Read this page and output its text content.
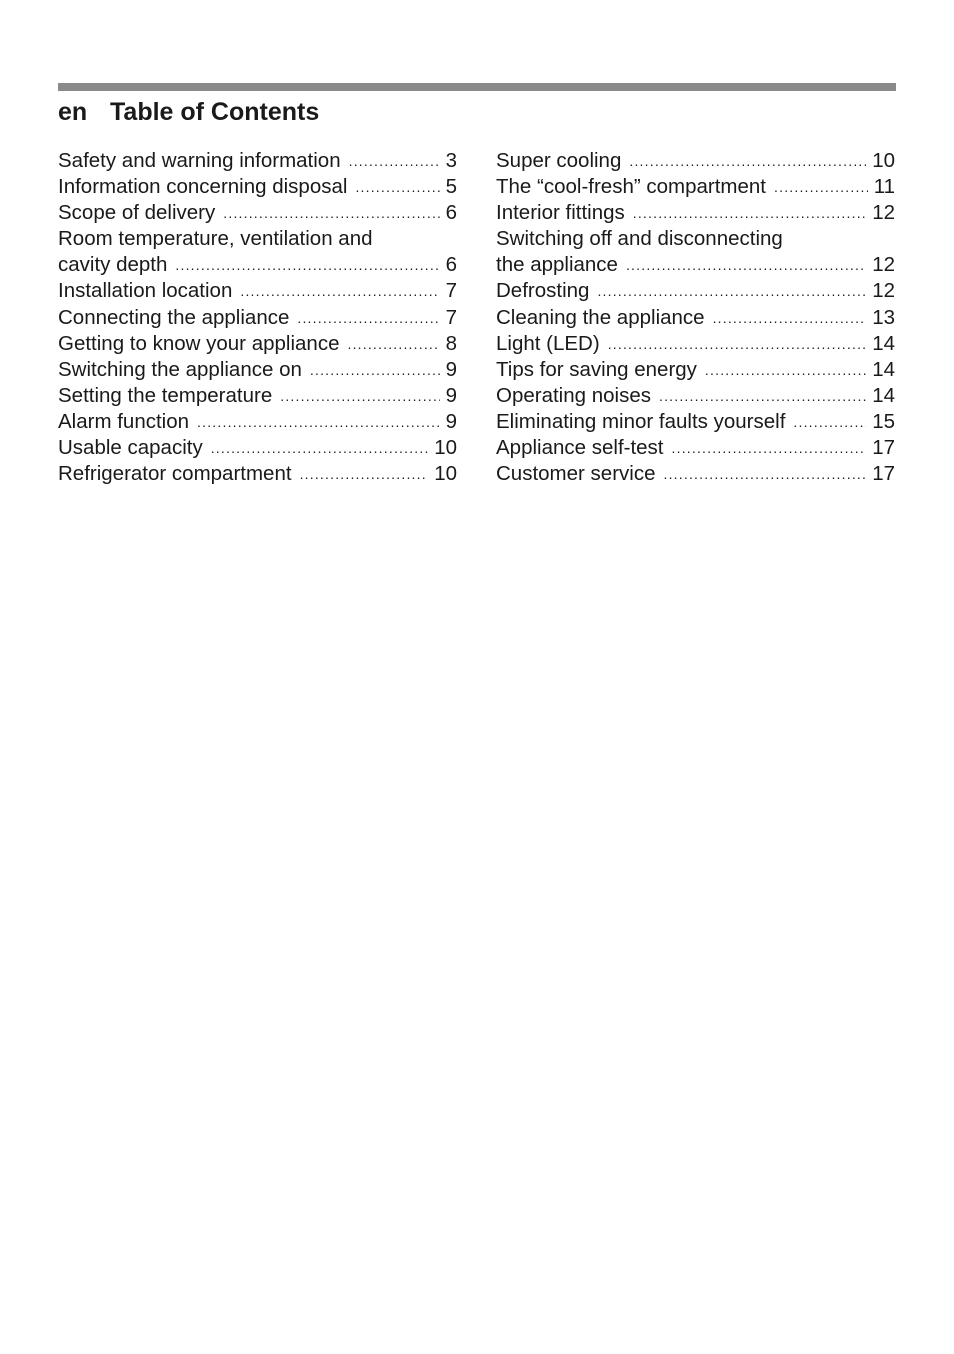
en Table of Contents
Safety and warning information .....	3
Information concerning disposal .....	5
Scope of delivery .....	6
Room temperature, ventilation and
cavity depth .....	6
Installation location .....	7
Connecting the appliance .....	7
Getting to know your appliance .....	8
Switching the appliance on .....	9
Setting the temperature .....	9
Alarm function .....	9
Usable capacity .....	10
Refrigerator compartment .....	10
Super cooling .....	10
The “cool-fresh” compartment .....	11
Interior fittings .....	12
Switching off and disconnecting
the appliance .....	12
Defrosting .....	12
Cleaning the appliance .....	13
Light (LED) .....	14
Tips for saving energy .....	14
Operating noises .....	14
Eliminating minor faults yourself .....	15
Appliance self-test .....	17
Customer service .....	17
